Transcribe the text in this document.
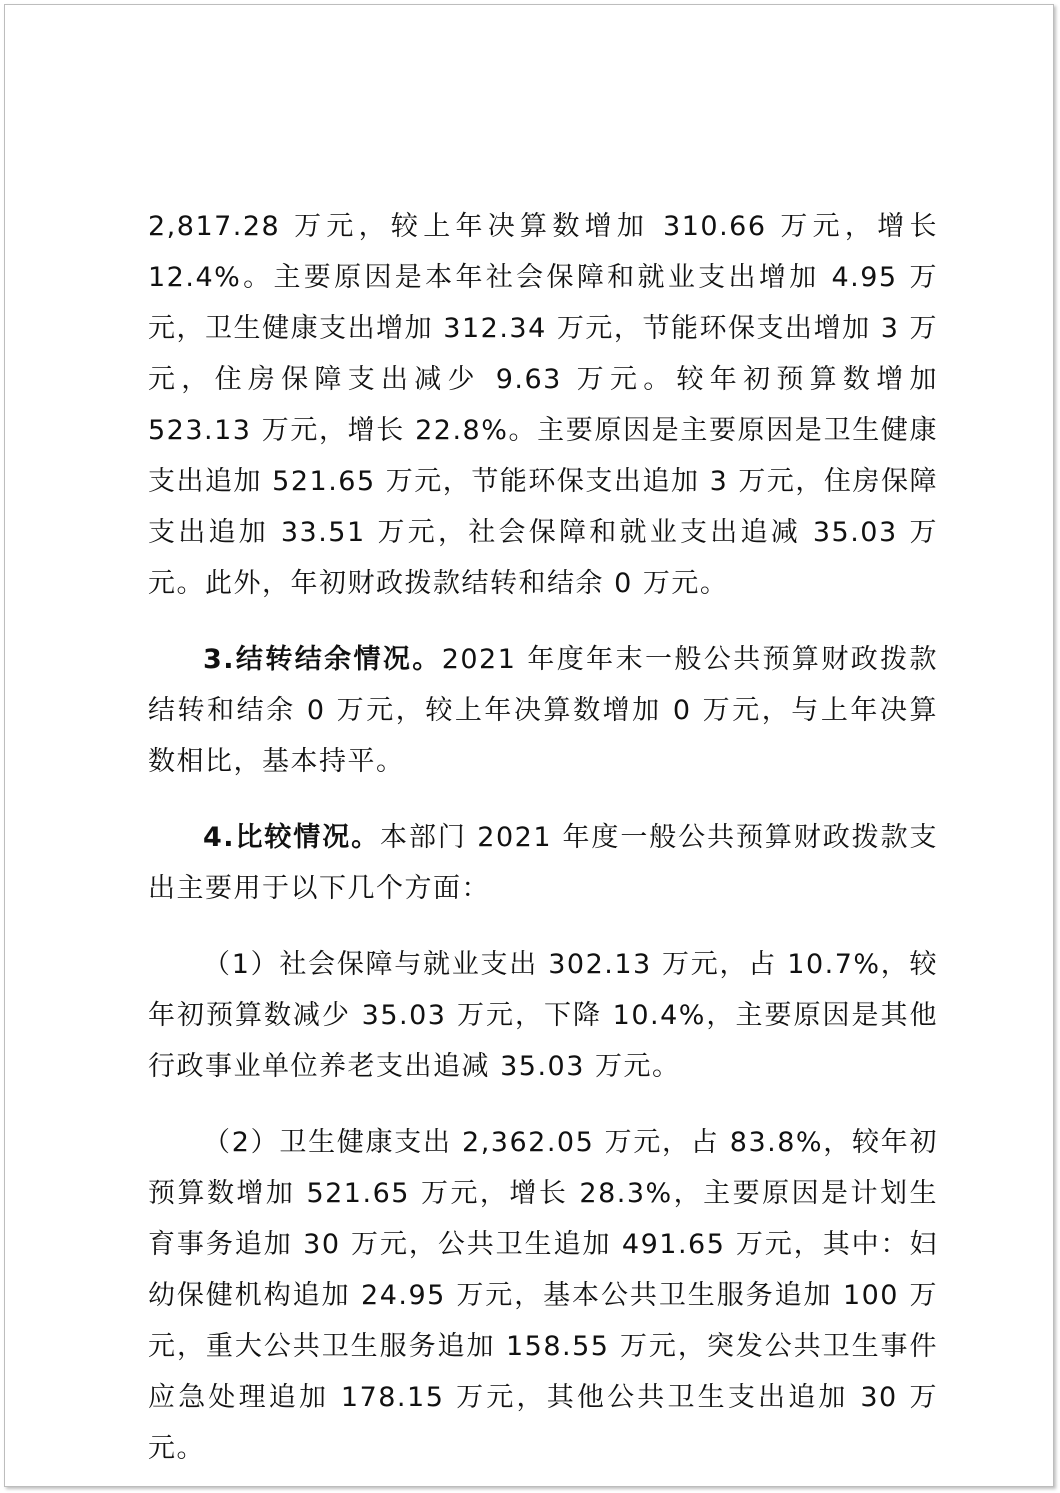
2,817.28 万元，较上年决算数增加 310.66 万元，增长 12.4%。主要原因是本年社会保障和就业支出增加 4.95 万元，卫生健康支出增加 312.34 万元，节能环保支出增加 3 万元，住房保障支出减少 9.63 万元。较年初预算数增加 523.13 万元，增长 22.8%。主要原因是主要原因是卫生健康支出追加 521.65 万元，节能环保支出追加 3 万元，住房保障支出追加 33.51 万元，社会保障和就业支出追减 35.03 万元。此外，年初财政拨款结转和结余 0 万元。

3.结转结余情况。2021 年度年末一般公共预算财政拨款结转和结余 0 万元，较上年决算数增加 0 万元，与上年决算数相比，基本持平。

4.比较情况。本部门 2021 年度一般公共预算财政拨款支出主要用于以下几个方面：

（1）社会保障与就业支出 302.13 万元，占 10.7%，较年初预算数减少 35.03 万元，下降 10.4%，主要原因是其他行政事业单位养老支出追减 35.03 万元。

（2）卫生健康支出 2,362.05 万元，占 83.8%，较年初预算数增加 521.65 万元，增长 28.3%，主要原因是计划生育事务追加 30 万元，公共卫生追加 491.65 万元，其中：妇幼保健机构追加 24.95 万元，基本公共卫生服务追加 100 万元，重大公共卫生服务追加 158.55 万元，突发公共卫生事件应急处理追加 178.15 万元，其他公共卫生支出追加 30 万元。
